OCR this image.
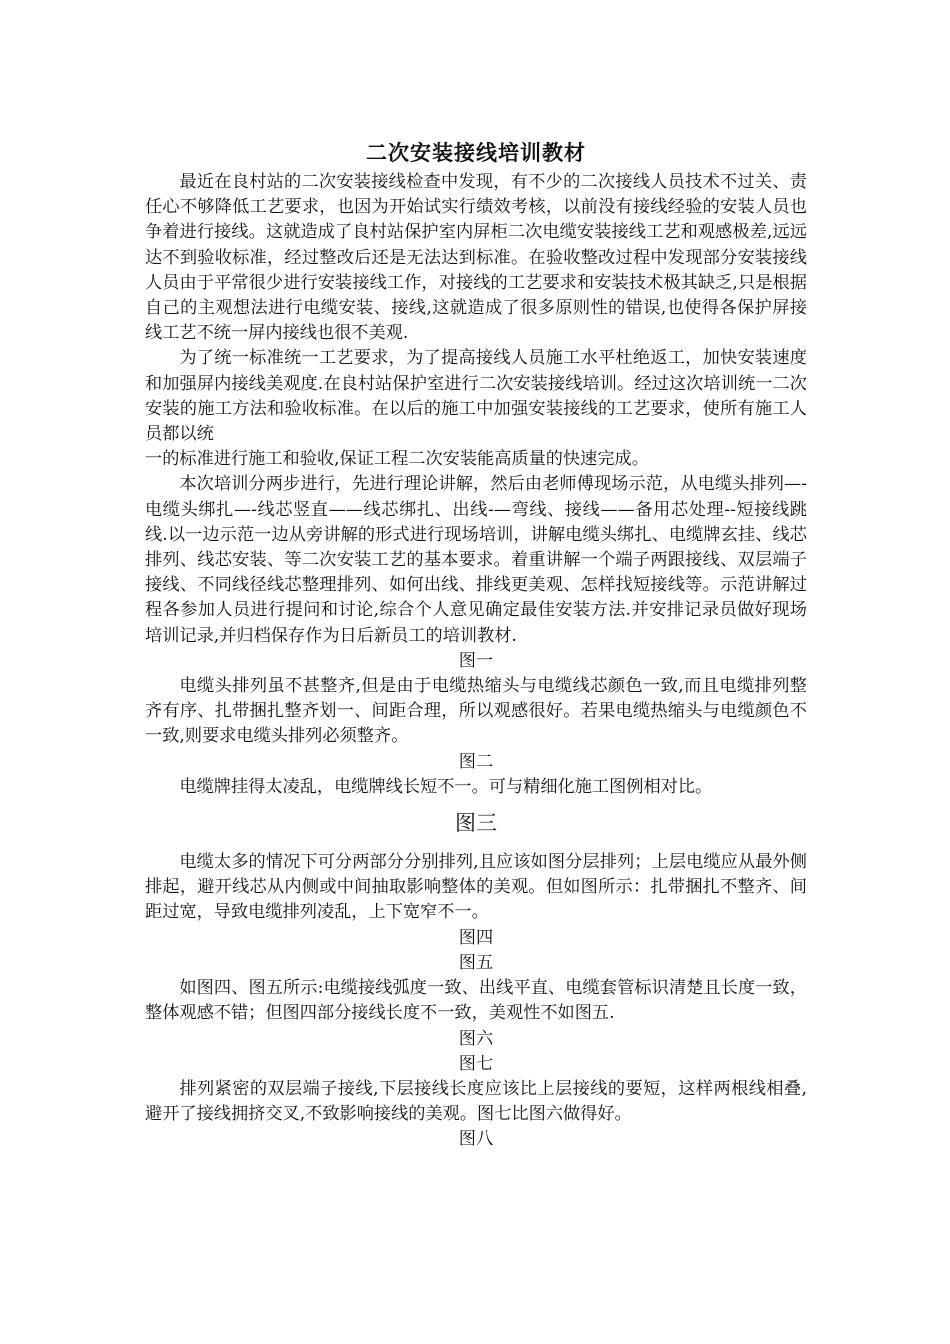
二次安装接线培训教材

最近在良村站的二次安装接线检查中发现，有不少的二次接线人员技术不过关、责任心不够降低工艺要求，也因为开始试实行绩效考核，以前没有接线经验的安装人员也争着进行接线。这就造成了良村站保护室内屏柜二次电缆安装接线工艺和观感极差,远远达不到验收标准，经过整改后还是无法达到标准。在验收整改过程中发现部分安装接线人员由于平常很少进行安装接线工作，对接线的工艺要求和安装技术极其缺乏,只是根据自己的主观想法进行电缆安装、接线,这就造成了很多原则性的错误,也使得各保护屏接线工艺不统一屏内接线也很不美观.

为了统一标准统一工艺要求，为了提高接线人员施工水平杜绝返工，加快安装速度和加强屏内接线美观度.在良村站保护室进行二次安装接线培训。经过这次培训统一二次安装的施工方法和验收标准。在以后的施工中加强安装接线的工艺要求，使所有施工人员都以统

一的标准进行施工和验收,保证工程二次安装能高质量的快速完成。

本次培训分两步进行，先进行理论讲解，然后由老师傅现场示范，从电缆头排列—-电缆头绑扎—-线芯竖直——线芯绑扎、出线-—弯线、接线——备用芯处理--短接线跳线.以一边示范一边从旁讲解的形式进行现场培训，讲解电缆头绑扎、电缆牌玄挂、线芯排列、线芯安装、等二次安装工艺的基本要求。着重讲解一个端子两跟接线、双层端子接线、不同线径线芯整理排列、如何出线、排线更美观、怎样找短接线等。示范讲解过程各参加人员进行提问和讨论,综合个人意见确定最佳安装方法.并安排记录员做好现场培训记录,并归档保存作为日后新员工的培训教材.

图一

电缆头排列虽不甚整齐,但是由于电缆热缩头与电缆线芯颜色一致,而且电缆排列整齐有序、扎带捆扎整齐划一、间距合理，所以观感很好。若果电缆热缩头与电缆颜色不一致,则要求电缆头排列必须整齐。

图二

电缆牌挂得太凌乱，电缆牌线长短不一。可与精细化施工图例相对比。

图三

电缆太多的情况下可分两部分分别排列,且应该如图分层排列；上层电缆应从最外侧排起，避开线芯从内侧或中间抽取影响整体的美观。但如图所示：扎带捆扎不整齐、间距过宽，导致电缆排列凌乱，上下宽窄不一。

图四
图五

如图四、图五所示:电缆接线弧度一致、出线平直、电缆套管标识清楚且长度一致，整体观感不错；但图四部分接线长度不一致，美观性不如图五.

图六
图七

排列紧密的双层端子接线,下层接线长度应该比上层接线的要短，这样两根线相叠,避开了接线拥挤交叉,不致影响接线的美观。图七比图六做得好。

图八
